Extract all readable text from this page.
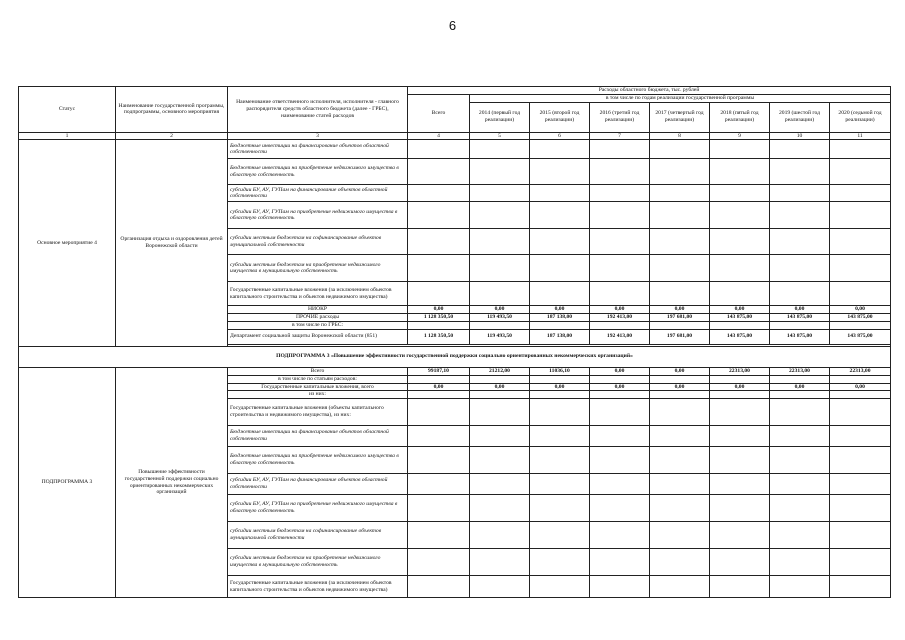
6
Статус	Наименование государственной программы, подпрограммы, основного мероприятия	Наименование ответственного исполнителя, исполнителя - главного распорядителя средств областного бюджета (далее - ГРБС), наименование статей расходов	Расходы областного бюджета, тыс. рублей							
			Всего	в том числе по годам реализации государственной программы						
				2014 (первый год реализации)	2015 (второй год реализации)	2016 (третий год реализации)	2017 (четвертый год реализации)	2018 (пятый год реализации)	2019 (шестой год реализации)	2020 (седьмой год реализации)
1	2	3	4	5	6	7	8	9	10	11
Основное мероприятие 4	Организация отдыха и оздоровления детей Воронежской области	Бюджетные инвестиции на финансирование объектов областной собственности								
		Бюджетные инвестиции на приобретение недвижимого имущества в областную собственность								
		субсидии БУ, АУ, ГУПам на финансирование объектов областной собственности								
		субсидии БУ, АУ, ГУПам на приобретение недвижимого имущества в областную собственность								
		субсидии местным бюджетам на софинансирование объектов муниципальной собственности								
		субсидии местным бюджетам на приобретение недвижимого имущества в муниципальную собственность								
		Государственные капитальные вложения (за исключением объектов капитального строительства и объектов недвижимого имущества)								
		НИОКР	0,00	0,00	0,00	0,00	0,00	0,00	0,00	0,00
		ПРОЧИЕ расходы	1 128 350,50	119 493,50	187 138,00	192 413,00	197 681,00	143 875,00	143 875,00	143 875,00
		в том числе по ГРБС:								
		Департамент социальной защиты Воронежской области (851)	1 128 350,50	119 493,50	187 138,00	192 413,00	197 681,00	143 875,00	143 875,00	143 875,00

ПОДПРОГРАММА 3 «Повышение эффективности государственной поддержки социально ориентированных некоммерческих организаций»										
ПОДПРОГРАММА 3	Повышение эффективности государственной поддержки социально ориентированных некоммерческих организаций	Всего	99187,10	21212,00	11036,10	0,00	0,00	22313,00	22313,00	22313,00
		в том числе по статьям расходов:								
		Государственные капитальные вложения, всего	0,00	0,00	0,00	0,00	0,00	0,00	0,00	0,00
		из них:								
		Государственные капитальные вложения (объекты капитального строительства и недвижимого имущества), из них:								
		Бюджетные инвестиции на финансирование объектов областной собственности								
		Бюджетные инвестиции на приобретение недвижимого имущества в областную собственность								
		субсидии БУ, АУ, ГУПам на финансирование объектов областной собственности								
		субсидии БУ, АУ, ГУПам на приобретение недвижимого имущества в областную собственность								
		субсидии местным бюджетам на софинансирование объектов муниципальной собственности								
		субсидии местным бюджетам на приобретение недвижимого имущества в муниципальную собственность								
		Государственные капитальные вложения (за исключением объектов капитального строительства и объектов недвижимого имущества)								
